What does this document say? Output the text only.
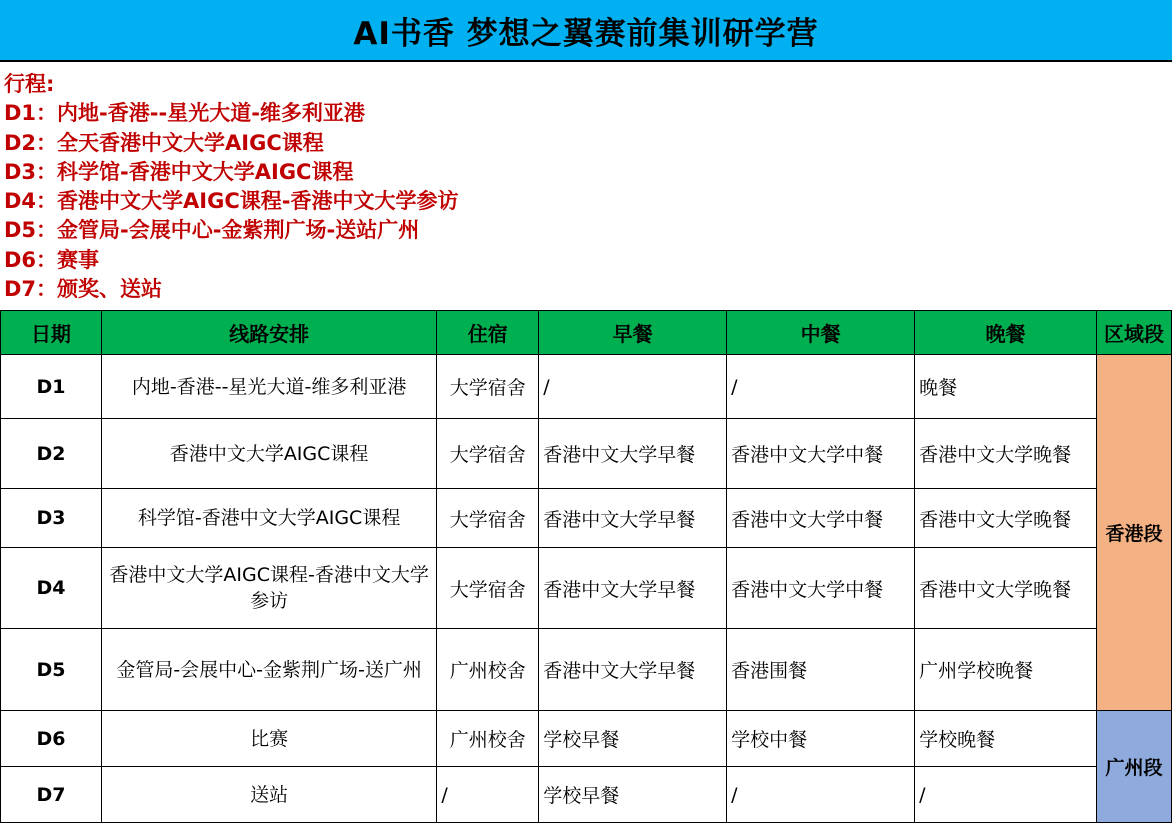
AI书香 梦想之翼赛前集训研学营
行程:
D1：内地-香港--星光大道-维多利亚港
D2：全天香港中文大学AIGC课程
D3：科学馆-香港中文大学AIGC课程
D4：香港中文大学AIGC课程-香港中文大学参访
D5：金管局-会展中心-金紫荆广场-送站广州
D6：赛事
D7：颁奖、送站
日期	线路安排	住宿	早餐	中餐	晚餐	区域段
D1	内地-香港--星光大道-维多利亚港	大学宿舍	/	/	晚餐	香港段
D2	香港中文大学AIGC课程	大学宿舍	香港中文大学早餐	香港中文大学中餐	香港中文大学晚餐	
D3	科学馆-香港中文大学AIGC课程	大学宿舍	香港中文大学早餐	香港中文大学中餐	香港中文大学晚餐	
D4	香港中文大学AIGC课程-香港中文大学参访	大学宿舍	香港中文大学早餐	香港中文大学中餐	香港中文大学晚餐	
D5	金管局-会展中心-金紫荆广场-送广州	广州校舍	香港中文大学早餐	香港围餐	广州学校晚餐	
D6	比赛	广州校舍	学校早餐	学校中餐	学校晚餐	广州段
D7	送站	/	学校早餐	/	/	
